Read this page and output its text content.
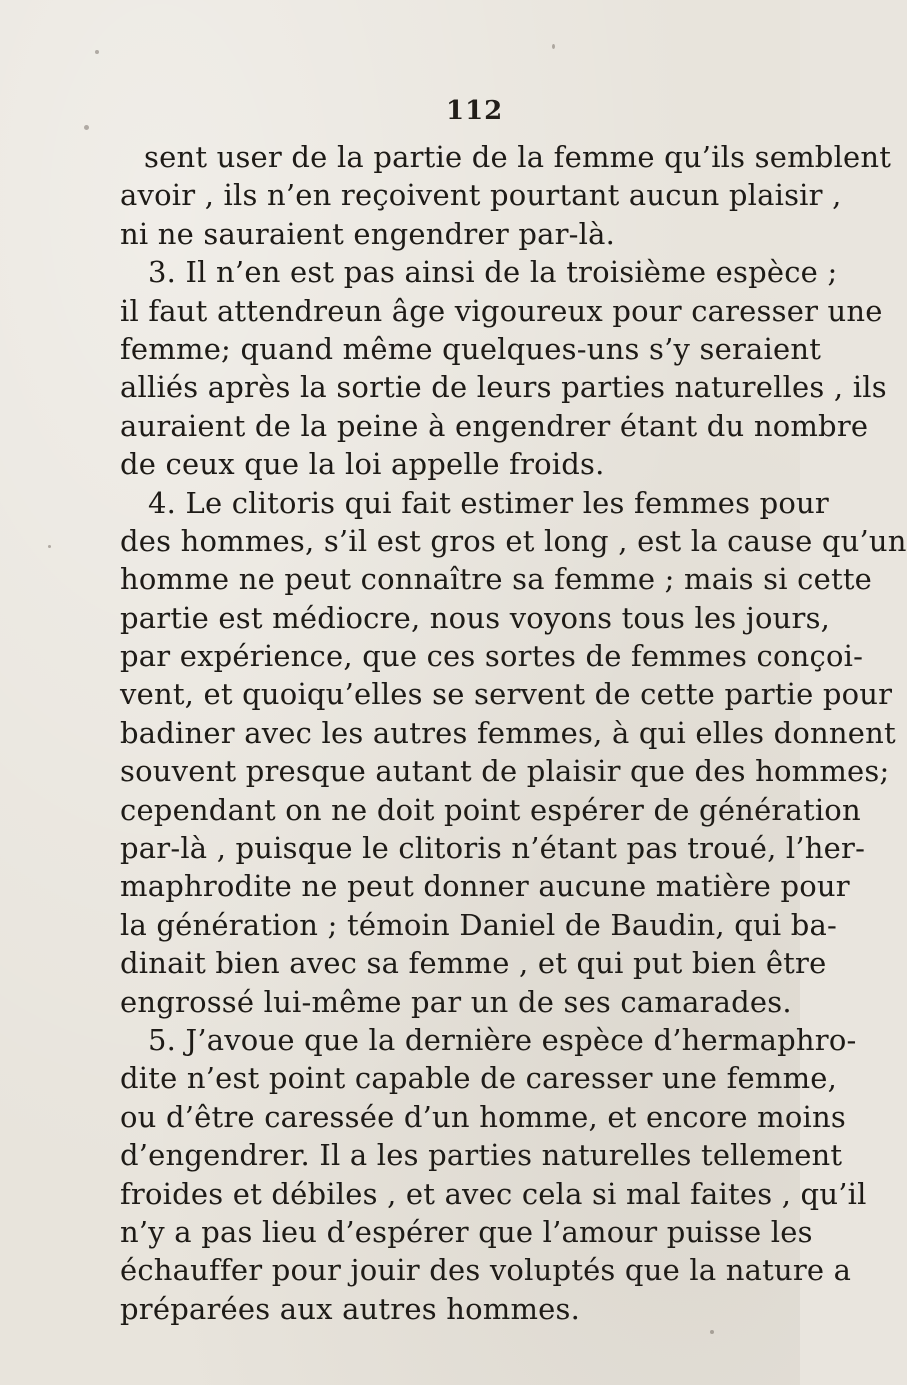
112
sent user de la partie de la femme qu’ils semblent
avoir , ils n’en reçoivent pourtant aucun plaisir ,
ni ne sauraient engendrer par-là.
3. Il n’en est pas ainsi de la troisième espèce ;
il faut attendreun âge vigoureux pour caresser une
femme; quand même quelques-uns s’y seraient
alliés après la sortie de leurs parties naturelles , ils
auraient de la peine à engendrer étant du nombre
de ceux que la loi appelle froids.
4. Le clitoris qui fait estimer les femmes pour
des hommes, s’il est gros et long , est la cause qu’un
homme ne peut connaître sa femme ; mais si cette
partie est médiocre, nous voyons tous les jours,
par expérience, que ces sortes de femmes conçoi-
vent, et quoiqu’elles se servent de cette partie pour
badiner avec les autres femmes, à qui elles donnent
souvent presque autant de plaisir que des hommes;
cependant on ne doit point espérer de génération
par-là , puisque le clitoris n’étant pas troué, l’her-
maphrodite ne peut donner aucune matière pour
la génération ; témoin Daniel de Baudin, qui ba-
dinait bien avec sa femme , et qui put bien être
engrossé lui-même par un de ses camarades.
5. J’avoue que la dernière espèce d’hermaphro-
dite n’est point capable de caresser une femme,
ou d’être caressée d’un homme, et encore moins
d’engendrer. Il a les parties naturelles tellement
froides et débiles , et avec cela si mal faites , qu’il
n’y a pas lieu d’espérer que l’amour puisse les
échauffer pour jouir des voluptés que la nature a
préparées aux autres hommes.
